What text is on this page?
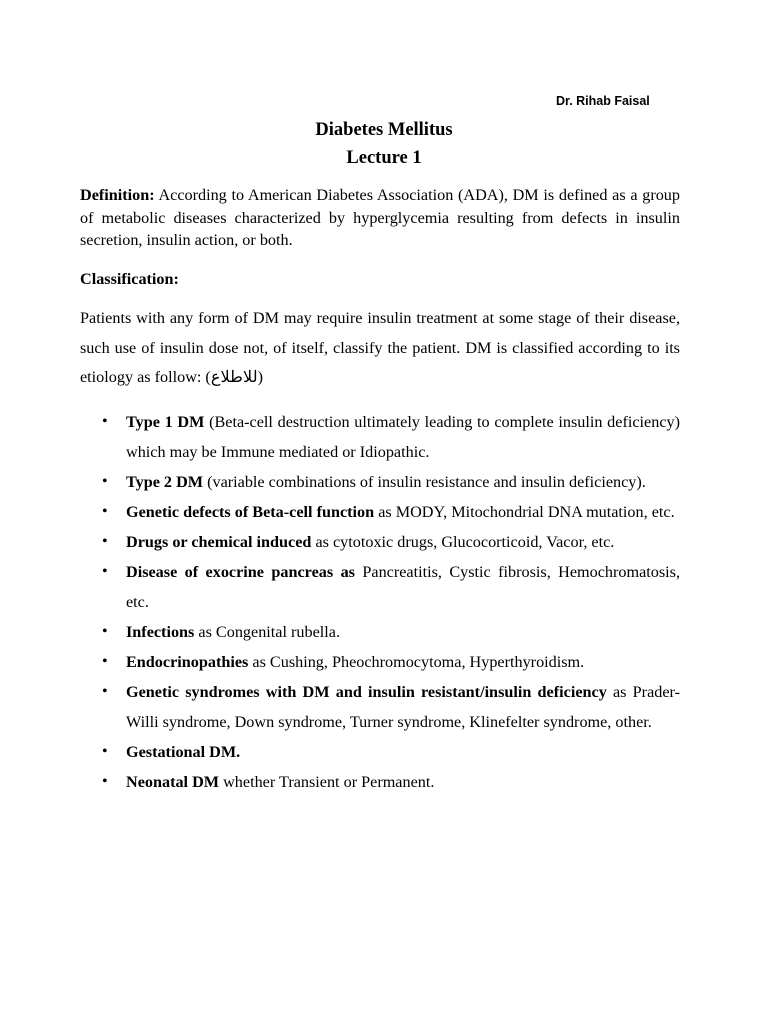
Dr. Rihab Faisal
Diabetes Mellitus
Lecture 1

Definition: According to American Diabetes Association (ADA), DM is defined as a group of metabolic diseases characterized by hyperglycemia resulting from defects in insulin secretion, insulin action, or both.

Classification:

Patients with any form of DM may require insulin treatment at some stage of their disease, such use of insulin dose not, of itself, classify the patient. DM is classified according to its etiology as follow: (للاطلاع)

• Type 1 DM (Beta-cell destruction ultimately leading to complete insulin deficiency) which may be Immune mediated or Idiopathic.
• Type 2 DM (variable combinations of insulin resistance and insulin deficiency).
• Genetic defects of Beta-cell function as MODY, Mitochondrial DNA mutation, etc.
• Drugs or chemical induced as cytotoxic drugs, Glucocorticoid, Vacor, etc.
• Disease of exocrine pancreas as Pancreatitis, Cystic fibrosis, Hemochromatosis, etc.
• Infections as Congenital rubella.
• Endocrinopathies as Cushing, Pheochromocytoma, Hyperthyroidism.
• Genetic syndromes with DM and insulin resistant/insulin deficiency as Prader-Willi syndrome, Down syndrome, Turner syndrome, Klinefelter syndrome, other.
• Gestational DM.
• Neonatal DM whether Transient or Permanent.
